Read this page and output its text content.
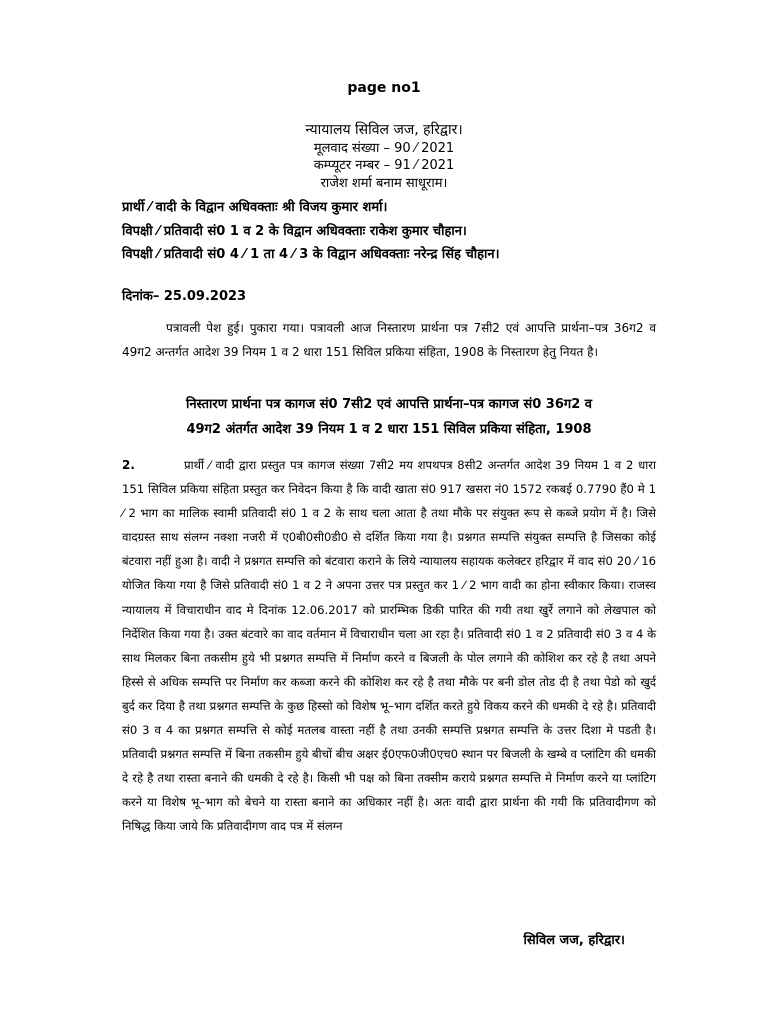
page no1
न्यायालय सिविल जज, हरिद्वार।
मूलवाद संख्या – 90 ⁄ 2021
कम्प्यूटर नम्बर – 91 ⁄ 2021
राजेश शर्मा बनाम साधूराम।
प्रार्थी ⁄ वादी के विद्वान अधिवक्ताः श्री विजय कुमार शर्मा।
विपक्षी ⁄ प्रतिवादी सं0 1 व 2 के विद्वान अधिवक्ताः राकेश कुमार चौहान।
विपक्षी ⁄ प्रतिवादी सं0 4 ⁄ 1 ता 4 ⁄ 3 के विद्वान अधिवक्ताः नरेन्द्र सिंह चौहान।
दिनांक– 25.09.2023
पत्रावली पेश हुई। पुकारा गया। पत्रावली आज निस्तारण प्रार्थना पत्र 7सी2 एवं आपत्ति प्रार्थना–पत्र 36ग2 व 49ग2 अन्तर्गत आदेश 39 नियम 1 व 2 धारा 151 सिविल प्रकिया संहिता, 1908 के निस्तारण हेतु नियत है।
निस्तारण प्रार्थना पत्र कागज सं0 7सी2 एवं आपत्ति प्रार्थना–पत्र कागज सं0 36ग2 व
49ग2 अंतर्गत आदेश 39 नियम 1 व 2 धारा 151 सिविल प्रकिया संहिता, 1908
2.	प्रार्थी ⁄ वादी द्वारा प्रस्तुत पत्र कागज संख्या 7सी2 मय शपथपत्र 8सी2 अन्तर्गत आदेश 39 नियम 1 व 2 धारा 151 सिविल प्रकिया संहिता प्रस्तुत कर निवेदन किया है कि वादी खाता सं0 917 खसरा नं0 1572 रकबई 0.7790 हैं0 मे 1 ⁄ 2 भाग का मालिक स्वामी प्रतिवादी सं0 1 व 2 के साथ चला आता है तथा मौके पर संयुक्त रूप से कब्जे प्रयोग में है। जिसे वादग्रस्त साथ संलग्न नक्शा नजरी में ए0बी0सी0डी0 से दर्शित किया गया है। प्रश्नगत सम्पत्ति संयुक्त सम्पत्ति है जिसका कोई बंटवारा नहीं हुआ है। वादी ने प्रश्नगत सम्पत्ति को बंटवारा कराने के लिये न्यायालय सहायक कलेक्टर हरिद्वार में वाद सं0 20 ⁄ 16 योजित किया गया है जिसे प्रतिवादी सं0 1 व 2 ने अपना उत्तर पत्र प्रस्तुत कर 1 ⁄ 2 भाग वादी का होना स्वीकार किया। राजस्व न्यायालय में विचाराधीन वाद मे दिनांक 12.06.2017 को प्रारम्भिक डिकी पारित की गयी तथा खुर्रे लगाने को लेखपाल को निर्देशित किया गया है। उक्त बंटवारे का वाद वर्तमान में विचाराधीन चला आ रहा है। प्रतिवादी सं0 1 व 2 प्रतिवादी सं0 3 व 4 के साथ मिलकर बिना तकसीम हुये भी प्रश्नगत सम्पत्ति में निर्माण करने व बिजली के पोल लगाने की कोशिश कर रहे है तथा अपने हिस्से से अधिक सम्पत्ति पर निर्माण कर कब्जा करने की कोशिश कर रहे है तथा मौके पर बनी डोल तोड दी है तथा पेडो को खुर्द बुर्द कर दिया है तथा प्रश्नगत सम्पत्ति के कुछ हिस्सो को विशेष भू–भाग दर्शित करते हुये विकय करने की धमकी दे रहे है। प्रतिवादी सं0 3 व 4 का प्रश्नगत सम्पत्ति से कोई मतलब वास्ता नहीं है तथा उनकी सम्पत्ति प्रश्नगत सम्पत्ति के उत्तर दिशा मे पडती है। प्रतिवादी प्रश्नगत सम्पत्ति में बिना तकसीम हुये बीचों बीच अक्षर ई0एफ0जी0एच0 स्थान पर बिजली के खम्बे व प्लांटिग की धमकी दे रहे है तथा रास्ता बनाने की धमकी दे रहे है। किसी भी पक्ष को बिना तक्सीम कराये प्रश्नगत सम्पत्ति मे निर्माण करने या प्लांटिग करने या विशेष भू–भाग को बेचने या रास्ता बनाने का अधिकार नहीं है। अतः वादी द्वारा प्रार्थना की गयी कि प्रतिवादीगण को निषिद्ध किया जाये कि प्रतिवादीगण वाद पत्र में संलग्न
सिविल जज, हरिद्वार।
